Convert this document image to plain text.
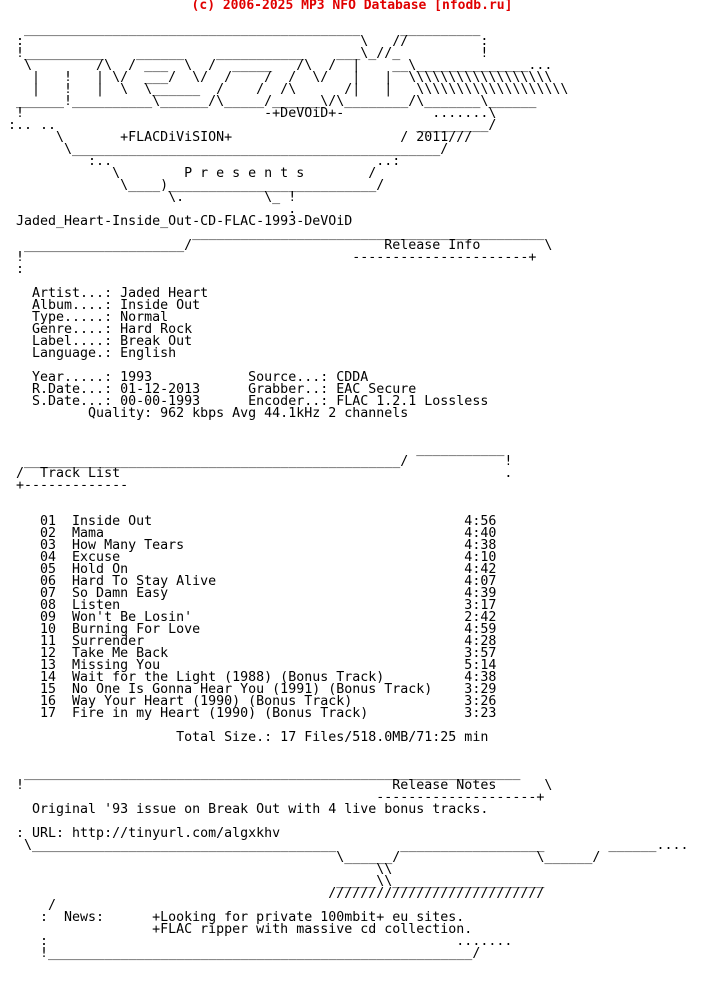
(c) 2006-2025 MP3 NFO Database [nfodb.ru]

__________________________________________     __________
:                                          \   //         :
!__________    ______    ___________    ___\_//_          !
\        /\  / ___  \  /  _____   /\  /  |    __\______________...
|   !   | \/  ___/  \/  /    /  /  \/   |   |  \\\\\\\\\\\\\\\\\\
|   !   |  \  \______  /    /  /\      /|   |   \\\\\\\\\\\\\\\\\\\
______!__________\______/\_____/______\/\________/\_______\______
!                              -+DeVOiD+-           .......\
:.. ..                                             _________/
\       +FLACDiViSION+                     / 2011///
\______________________________________________/
:..                                 ..:
\        P r e s e n t s        /
\____)__________________________/
\.          \_ !
.
Jaded_Heart-Inside_Out-CD-FLAC-1993-DeVOiD
____________________________________________
____________________/                        Release Info        \
!                                         ----------------------+
:

Artist...: Jaded Heart
Album....: Inside Out
Type.....: Normal
Genre....: Hard Rock
Label....: Break Out
Language.: English

Year.....: 1993            Source...: CDDA
R.Date...: 01-12-2013      Grabber..: EAC Secure
S.Date...: 00-00-1993      Encoder..: FLAC 1.2.1 Lossless
Quality: 962 kbps Avg 44.1kHz 2 channels

___________
_______________________________________________/            !
/  Track List                                                .
+-------------

01  Inside Out                                       4:56
02  Mama                                             4:40
03  How Many Tears                                   4:38
04  Excuse                                           4:10
05  Hold On                                          4:42
06  Hard To Stay Alive                               4:07
07  So Damn Easy                                     4:39
08  Listen                                           3:17
09  Won't Be Losin'                                  2:42
10  Burning For Love                                 4:59
11  Surrender                                        4:28
12  Take Me Back                                     3:57
13  Missing You                                      5:14
14  Wait for the Light (1988) (Bonus Track)          4:38
15  No One Is Gonna Hear You (1991) (Bonus Track)    3:29
16  Way Your Heart (1990) (Bonus Track)              3:26
17  Fire in my Heart (1990) (Bonus Track)            3:23

Total Size.: 17 Files/518.0MB/71:25 min

______________________________________________________________
!                                              Release Notes      \
--------------------+
Original '93 issue on Break Out with 4 live bonus tracks.

: URL: http://tinyurl.com/algxkhv
\______________________________________        __________________        ______....
\______/                 \______/
\\
_____\\___________________
///////////////////////////
/
:  News:      +Looking for private 100mbit+ eu sites.
+FLAC ripper with massive cd collection.
:                                                   .......
!_____________________________________________________/
